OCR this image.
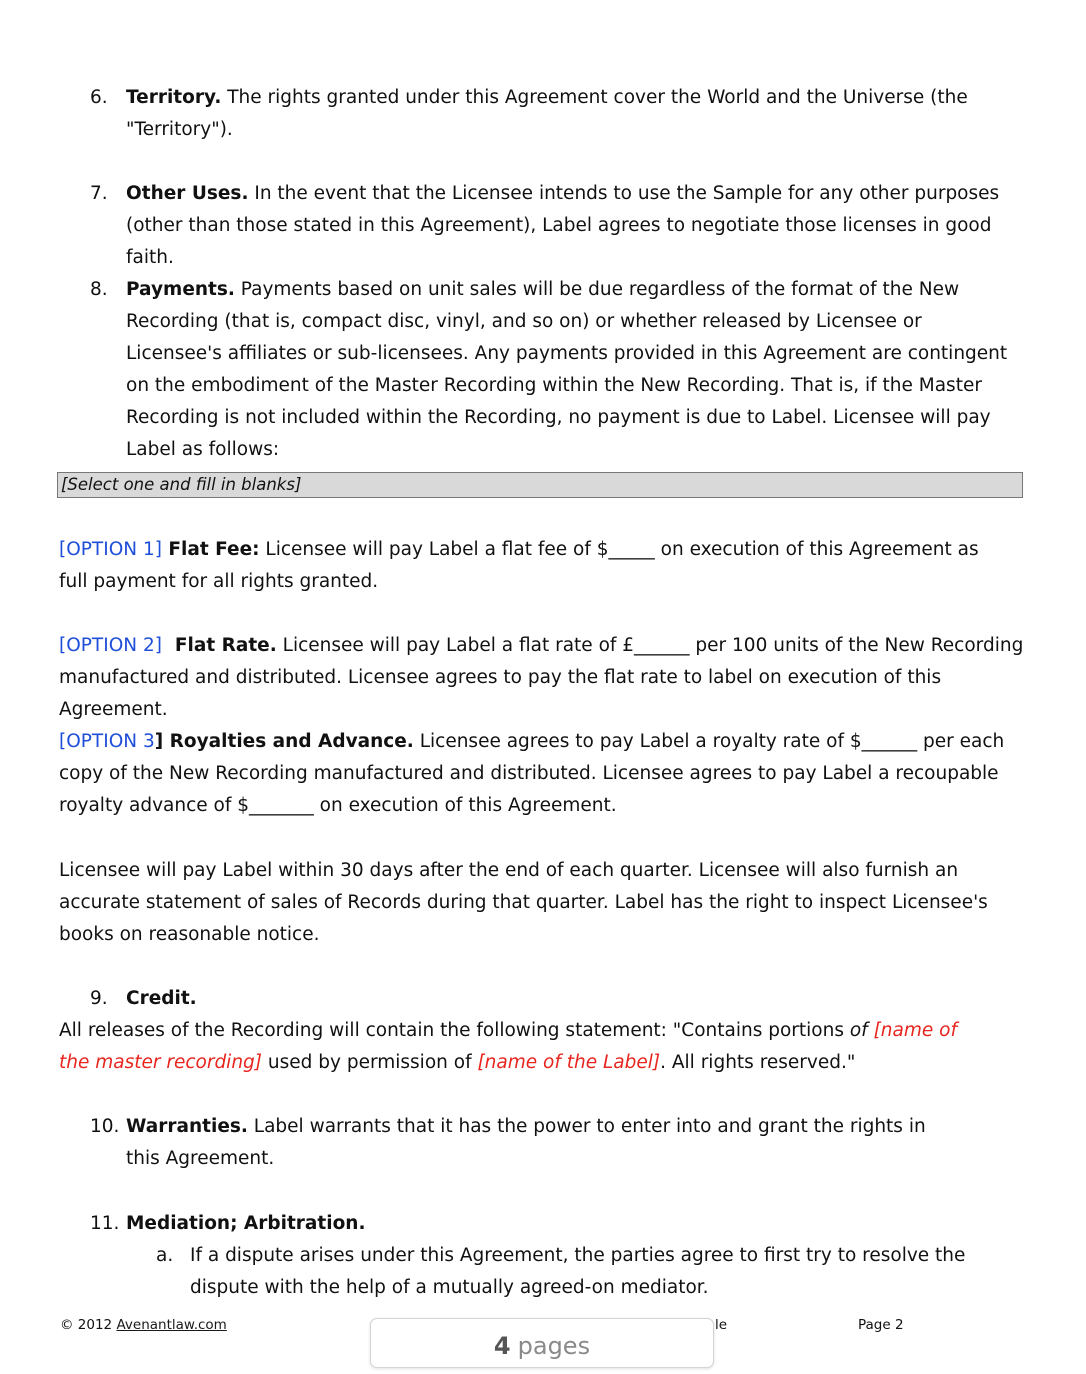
6. Territory. The rights granted under this Agreement cover the World and the Universe (the "Territory").
7. Other Uses. In the event that the Licensee intends to use the Sample for any other purposes (other than those stated in this Agreement), Label agrees to negotiate those licenses in good faith.
8. Payments. Payments based on unit sales will be due regardless of the format of the New Recording (that is, compact disc, vinyl, and so on) or whether released by Licensee or Licensee's affiliates or sub-licensees. Any payments provided in this Agreement are contingent on the embodiment of the Master Recording within the New Recording. That is, if the Master Recording is not included within the Recording, no payment is due to Label. Licensee will pay Label as follows:
[Select one and fill in blanks]
[OPTION 1] Flat Fee: Licensee will pay Label a flat fee of $_____ on execution of this Agreement as full payment for all rights granted.
[OPTION 2]  Flat Rate. Licensee will pay Label a flat rate of £______ per 100 units of the New Recording manufactured and distributed. Licensee agrees to pay the flat rate to label on execution of this Agreement.
[OPTION 3] Royalties and Advance. Licensee agrees to pay Label a royalty rate of $______ per each copy of the New Recording manufactured and distributed. Licensee agrees to pay Label a recoupable royalty advance of $_______ on execution of this Agreement.
Licensee will pay Label within 30 days after the end of each quarter. Licensee will also furnish an accurate statement of sales of Records during that quarter. Label has the right to inspect Licensee's books on reasonable notice.
9. Credit.
All releases of the Recording will contain the following statement: "Contains portions of [name of the master recording] used by permission of [name of the Label]. All rights reserved."
10. Warranties. Label warrants that it has the power to enter into and grant the rights in this Agreement.
11. Mediation; Arbitration.
a. If a dispute arises under this Agreement, the parties agree to first try to resolve the dispute with the help of a mutually agreed-on mediator.
© 2012 Avenantlaw.com	le	Page 2
4 pages
